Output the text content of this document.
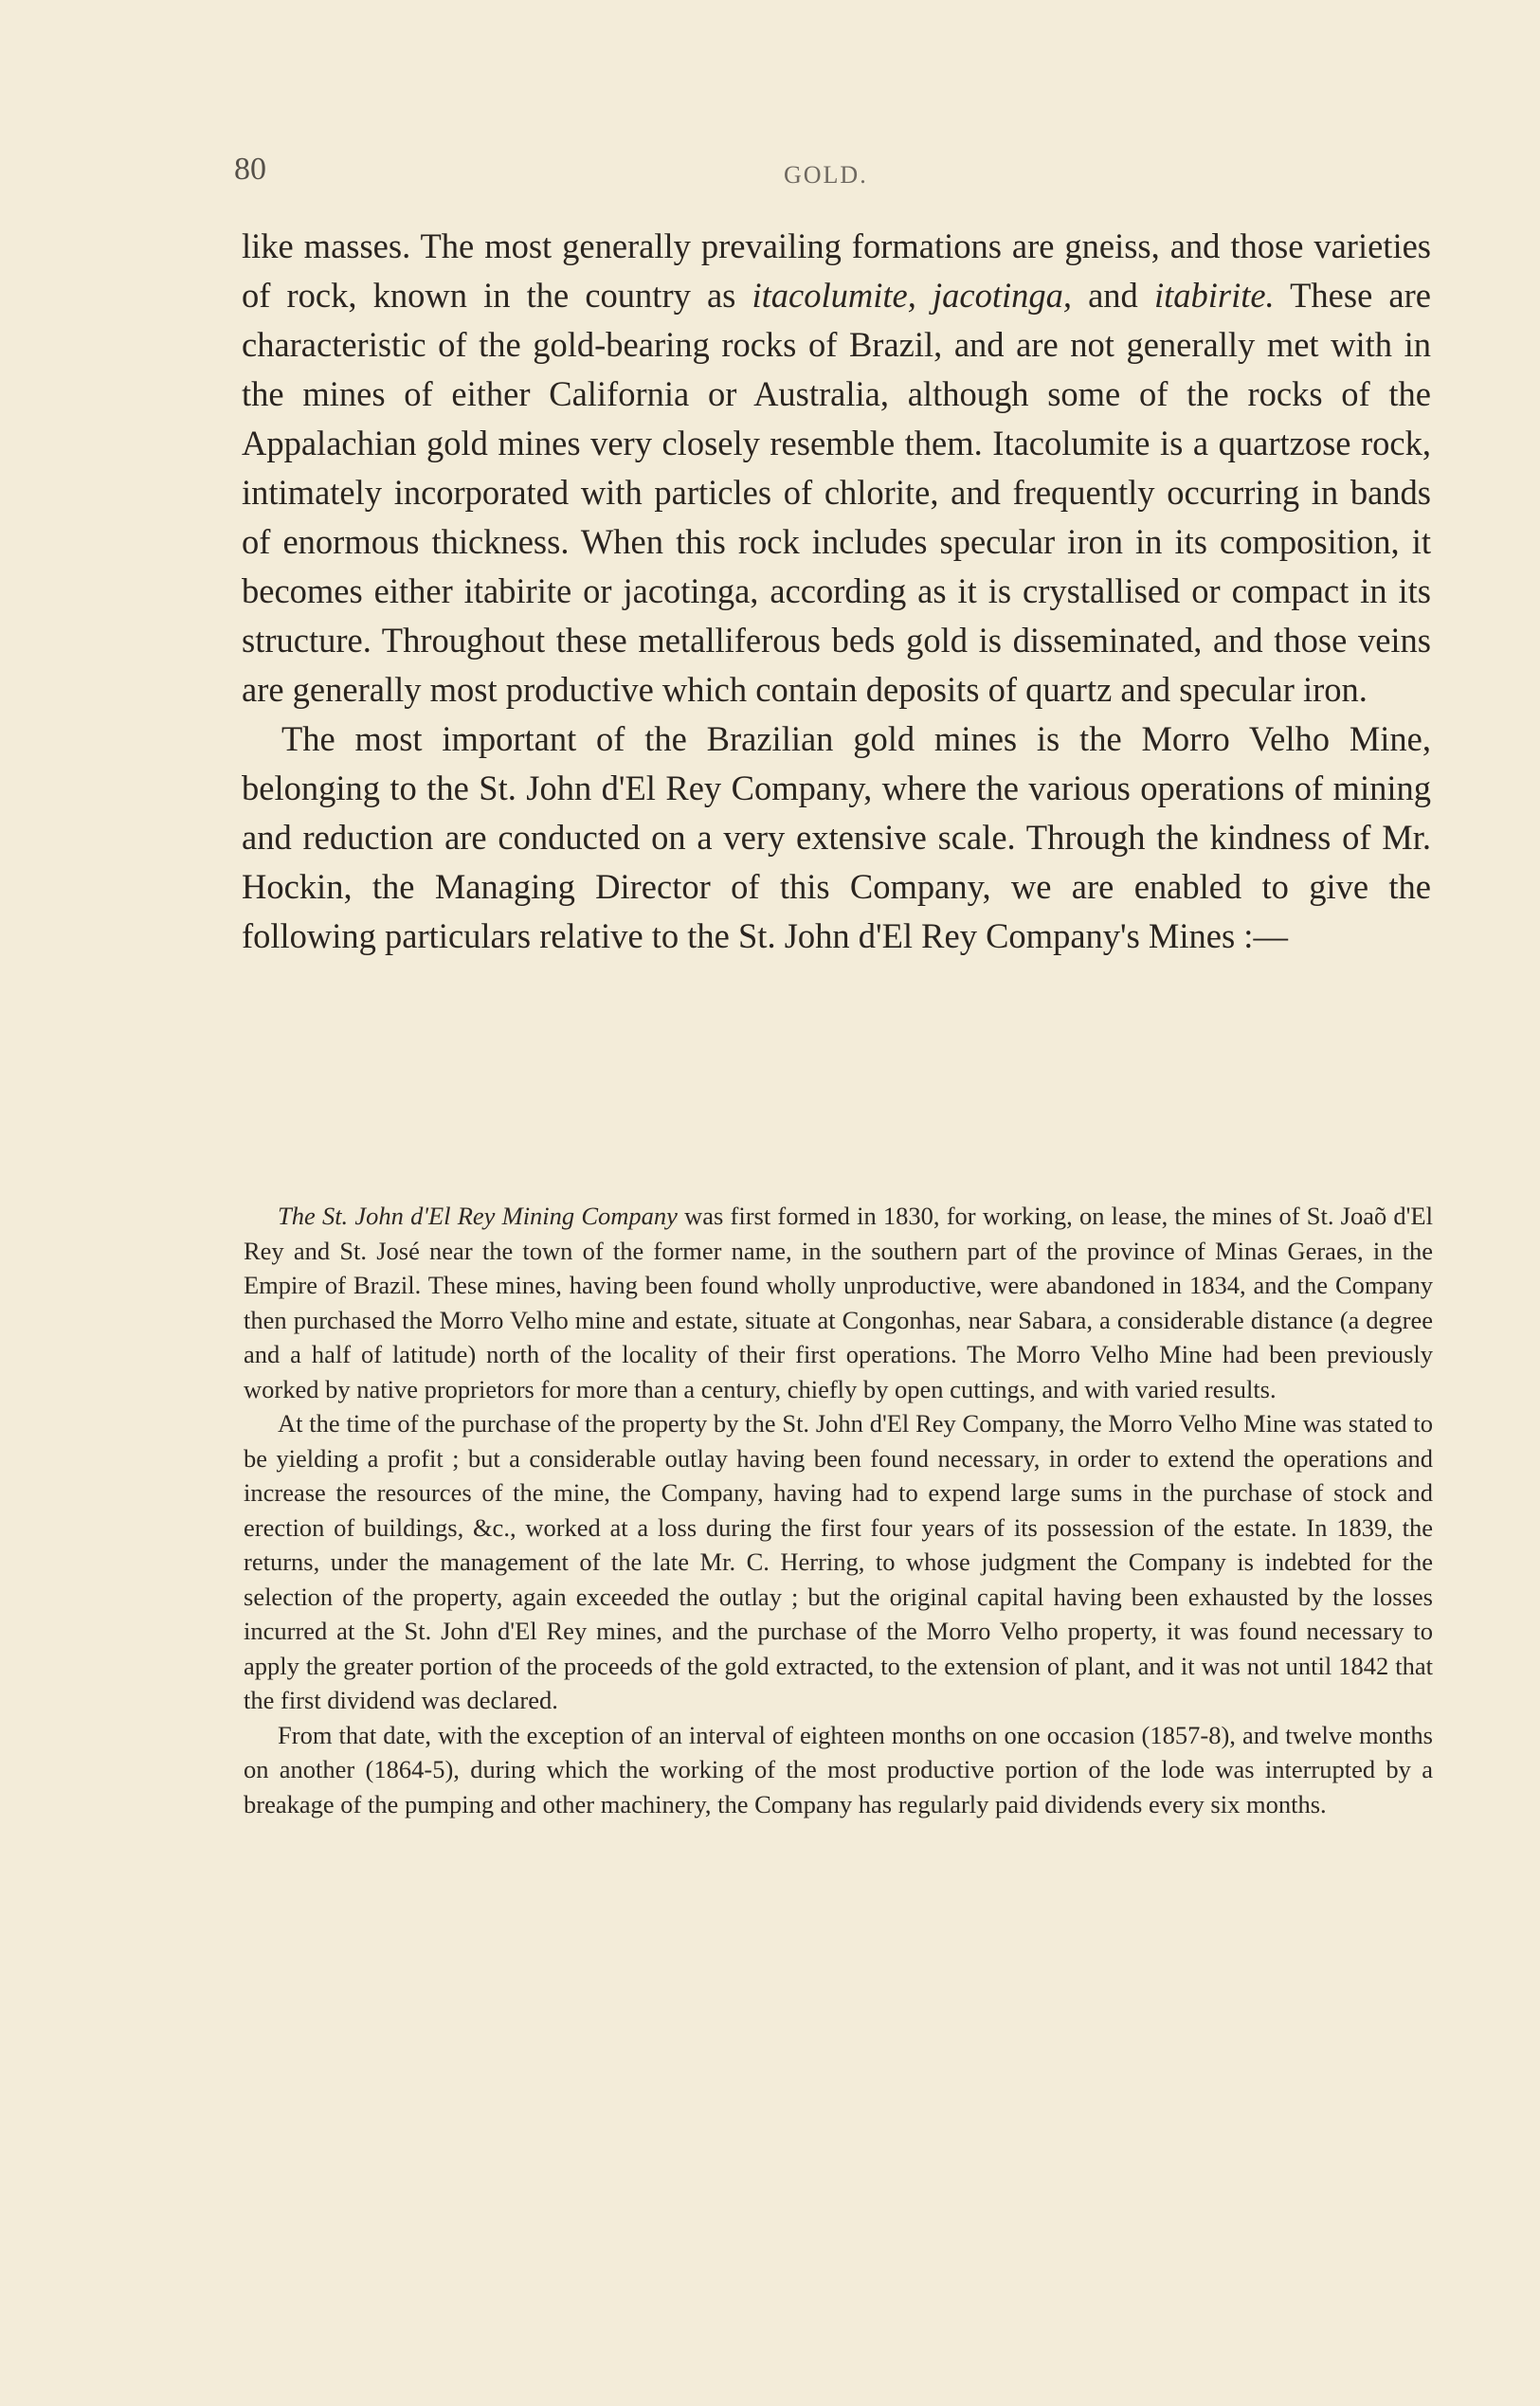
80	GOLD.

like masses. The most generally prevailing formations are gneiss, and those varieties of rock, known in the country as itacolumite, jacotinga, and itabirite. These are characteristic of the gold-bearing rocks of Brazil, and are not generally met with in the mines of either California or Australia, although some of the rocks of the Appalachian gold mines very closely resemble them. Itacolumite is a quartzose rock, intimately incorporated with particles of chlorite, and frequently occurring in bands of enormous thickness. When this rock includes specular iron in its composition, it becomes either itabirite or jacotinga, according as it is crystallised or compact in its structure. Throughout these metalliferous beds gold is disseminated, and those veins are generally most productive which contain deposits of quartz and specular iron.

The most important of the Brazilian gold mines is the Morro Velho Mine, belonging to the St. John d'El Rey Company, where the various operations of mining and reduction are conducted on a very extensive scale. Through the kindness of Mr. Hockin, the Managing Director of this Company, we are enabled to give the following particulars relative to the St. John d'El Rey Company's Mines :—

The St. John d'El Rey Mining Company was first formed in 1830, for working, on lease, the mines of St. Joaõ d'El Rey and St. José near the town of the former name, in the southern part of the province of Minas Geraes, in the Empire of Brazil. These mines, having been found wholly unproductive, were abandoned in 1834, and the Company then purchased the Morro Velho mine and estate, situate at Congonhas, near Sabara, a considerable distance (a degree and a half of latitude) north of the locality of their first operations. The Morro Velho Mine had been previously worked by native proprietors for more than a century, chiefly by open cuttings, and with varied results.

At the time of the purchase of the property by the St. John d'El Rey Company, the Morro Velho Mine was stated to be yielding a profit ; but a considerable outlay having been found necessary, in order to extend the operations and increase the resources of the mine, the Company, having had to expend large sums in the purchase of stock and erection of buildings, &c., worked at a loss during the first four years of its possession of the estate. In 1839, the returns, under the management of the late Mr. C. Herring, to whose judgment the Company is indebted for the selection of the property, again exceeded the outlay ; but the original capital having been exhausted by the losses incurred at the St. John d'El Rey mines, and the purchase of the Morro Velho property, it was found necessary to apply the greater portion of the proceeds of the gold extracted, to the extension of plant, and it was not until 1842 that the first dividend was declared.

From that date, with the exception of an interval of eighteen months on one occasion (1857-8), and twelve months on another (1864-5), during which the working of the most productive portion of the lode was interrupted by a breakage of the pumping and other machinery, the Company has regularly paid dividends every six months.
